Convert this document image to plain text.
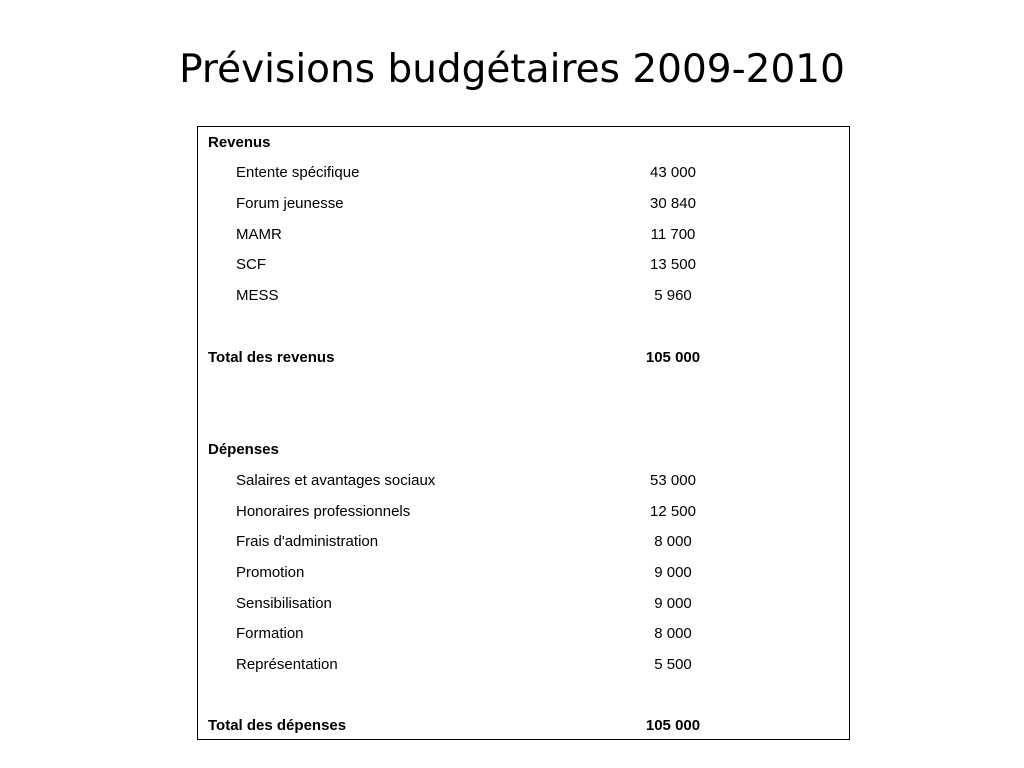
Prévisions budgétaires 2009-2010
Revenus
Entente spécifique	43 000
Forum jeunesse	30 840
MAMR	11 700
SCF	13 500
MESS	5 960
Total des revenus	105 000
Dépenses
Salaires et avantages sociaux	53 000
Honoraires professionnels	12 500
Frais d'administration	8 000
Promotion	9 000
Sensibilisation	9 000
Formation	8 000
Représentation	5 500
Total des dépenses	105 000
